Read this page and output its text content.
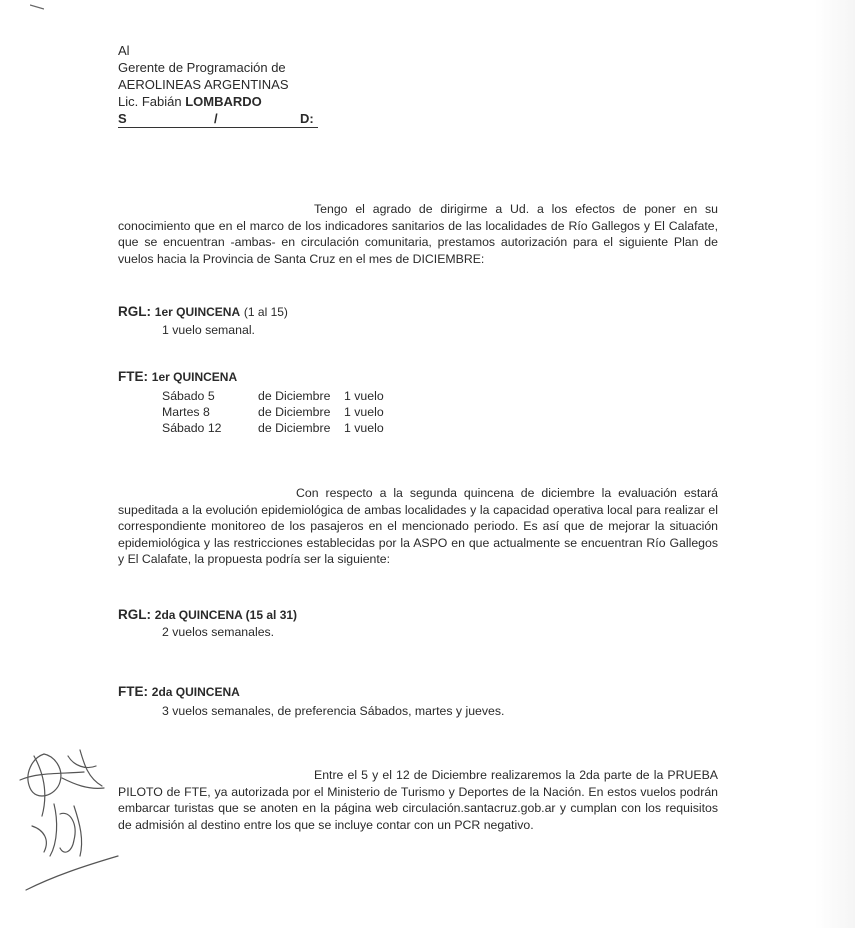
Al
Gerente de Programación de
AEROLINEAS ARGENTINAS
Lic. Fabián LOMBARDO
S	/	D:
Tengo el agrado de dirigirme a Ud. a los efectos de poner en su conocimiento que en el marco de los indicadores sanitarios de las localidades de Río Gallegos y El Calafate, que se encuentran -ambas- en circulación comunitaria, prestamos autorización para el siguiente Plan de vuelos hacia la Provincia de Santa Cruz en el mes de DICIEMBRE:
RGL: 1er QUINCENA (1 al 15)
1 vuelo semanal.
FTE: 1er QUINCENA
Sábado 5	de Diciembre	1 vuelo
Martes 8	de Diciembre	1 vuelo
Sábado 12	de Diciembre	1 vuelo
Con respecto a la segunda quincena de diciembre la evaluación estará supeditada a la evolución epidemiológica de ambas localidades y la capacidad operativa local para realizar el correspondiente monitoreo de los pasajeros en el mencionado periodo. Es así que de mejorar la situación epidemiológica y las restricciones establecidas por la ASPO en que actualmente se encuentran Río Gallegos y El Calafate, la propuesta podría ser la siguiente:
RGL: 2da QUINCENA (15 al 31)
2 vuelos semanales.
FTE: 2da QUINCENA
3 vuelos semanales, de preferencia Sábados, martes y jueves.
Entre el 5 y el 12 de Diciembre realizaremos la 2da parte de la PRUEBA PILOTO de FTE, ya autorizada por el Ministerio de Turismo y Deportes de la Nación. En estos vuelos podrán embarcar turistas que se anoten en la página web circulación.santacruz.gob.ar y cumplan con los requisitos de admisión al destino entre los que se incluye contar con un PCR negativo.
